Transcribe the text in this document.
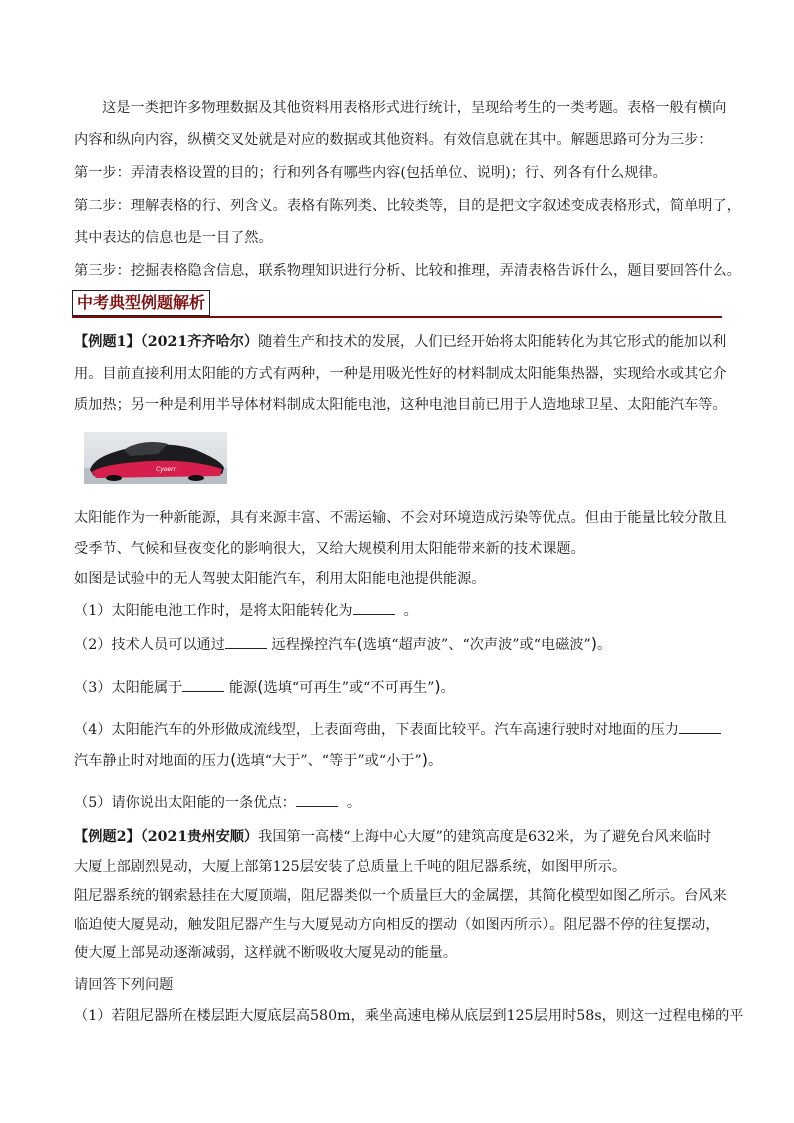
这是一类把许多物理数据及其他资料用表格形式进行统计，呈现给考生的一类考题。表格一般有横向
内容和纵向内容，纵横交叉处就是对应的数据或其他资料。有效信息就在其中。解题思路可分为三步：
第一步：弄清表格设置的目的；行和列各有哪些内容(包括单位、说明)；行、列各有什么规律。
第二步：理解表格的行、列含义。表格有陈列类、比较类等，目的是把文字叙述变成表格形式，简单明了，
其中表达的信息也是一目了然。
第三步：挖掘表格隐含信息，联系物理知识进行分析、比较和推理，弄清表格告诉什么，题目要回答什么。
中考典型例题解析
【例题1】（2021齐齐哈尔）随着生产和技术的发展，人们已经开始将太阳能转化为其它形式的能加以利
用。目前直接利用太阳能的方式有两种，一种是用吸光性好的材料制成太阳能集热器，实现给水或其它介
质加热；另一种是利用半导体材料制成太阳能电池，这种电池目前已用于人造地球卫星、太阳能汽车等。
Cyoerr
太阳能作为一种新能源，具有来源丰富、不需运输、不会对环境造成污染等优点。但由于能量比较分散且
受季节、气候和昼夜变化的影响很大，又给大规模利用太阳能带来新的技术课题。
如图是试验中的无人驾驶太阳能汽车，利用太阳能电池提供能源。
（1）太阳能电池工作时，是将太阳能转化为	。
（2）技术人员可以通过	远程操控汽车(选填“超声波”、“次声波”或“电磁波”)。
（3）太阳能属于	能源(选填“可再生”或“不可再生”)。
（4）太阳能汽车的外形做成流线型，上表面弯曲，下表面比较平。汽车高速行驶时对地面的压力
汽车静止时对地面的压力(选填“大于”、“等于”或“小于”)。
（5）请你说出太阳能的一条优点：	。
【例题2】（2021贵州安顺）我国第一高楼“上海中心大厦”的建筑高度是632米，为了避免台风来临时
大厦上部剧烈晃动，大厦上部第125层安装了总质量上千吨的阻尼器系统，如图甲所示。
阻尼器系统的钢索悬挂在大厦顶端，阻尼器类似一个质量巨大的金属摆，其简化模型如图乙所示。台风来
临迫使大厦晃动，触发阻尼器产生与大厦晃动方向相反的摆动（如图丙所示）。阻尼器不停的往复摆动，
使大厦上部晃动逐渐减弱，这样就不断吸收大厦晃动的能量。
请回答下列问题
（1）若阻尼器所在楼层距大厦底层高580m，乘坐高速电梯从底层到125层用时58s，则这一过程电梯的平
